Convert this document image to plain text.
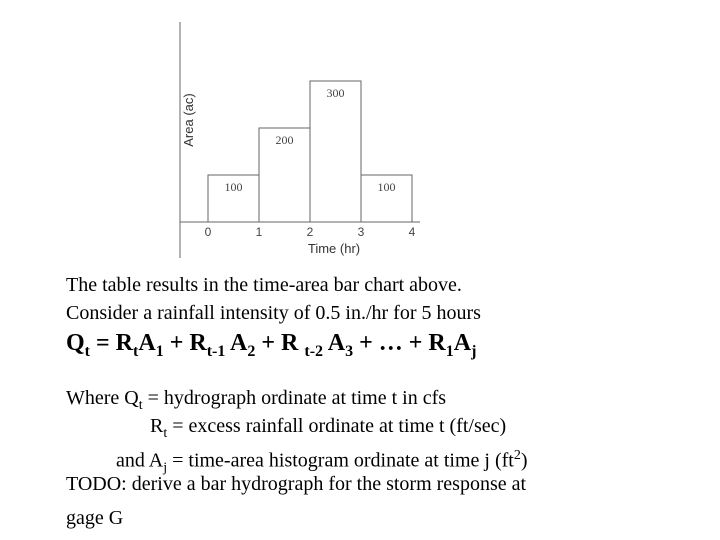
100
200
300
100
0	1	2	3	4
Time (hr)
Area (ac)
The table results in the time-area bar chart above.
Consider a rainfall intensity of 0.5 in./hr for 5 hours
$Q_t = R_tA_1 + R_{t-1}$ $A_2 + R$ $_{t-2}$ $A_3$ + … + $R_1A_j$
Where $Q_t$ = hydrograph ordinate at time t in cfs
$R_t$ = excess rainfall ordinate at time t (ft/sec)
and $A_j$ = time-area histogram ordinate at time j $(ft^2)$
TODO: derive a bar hydrograph for the storm response at
gage G
